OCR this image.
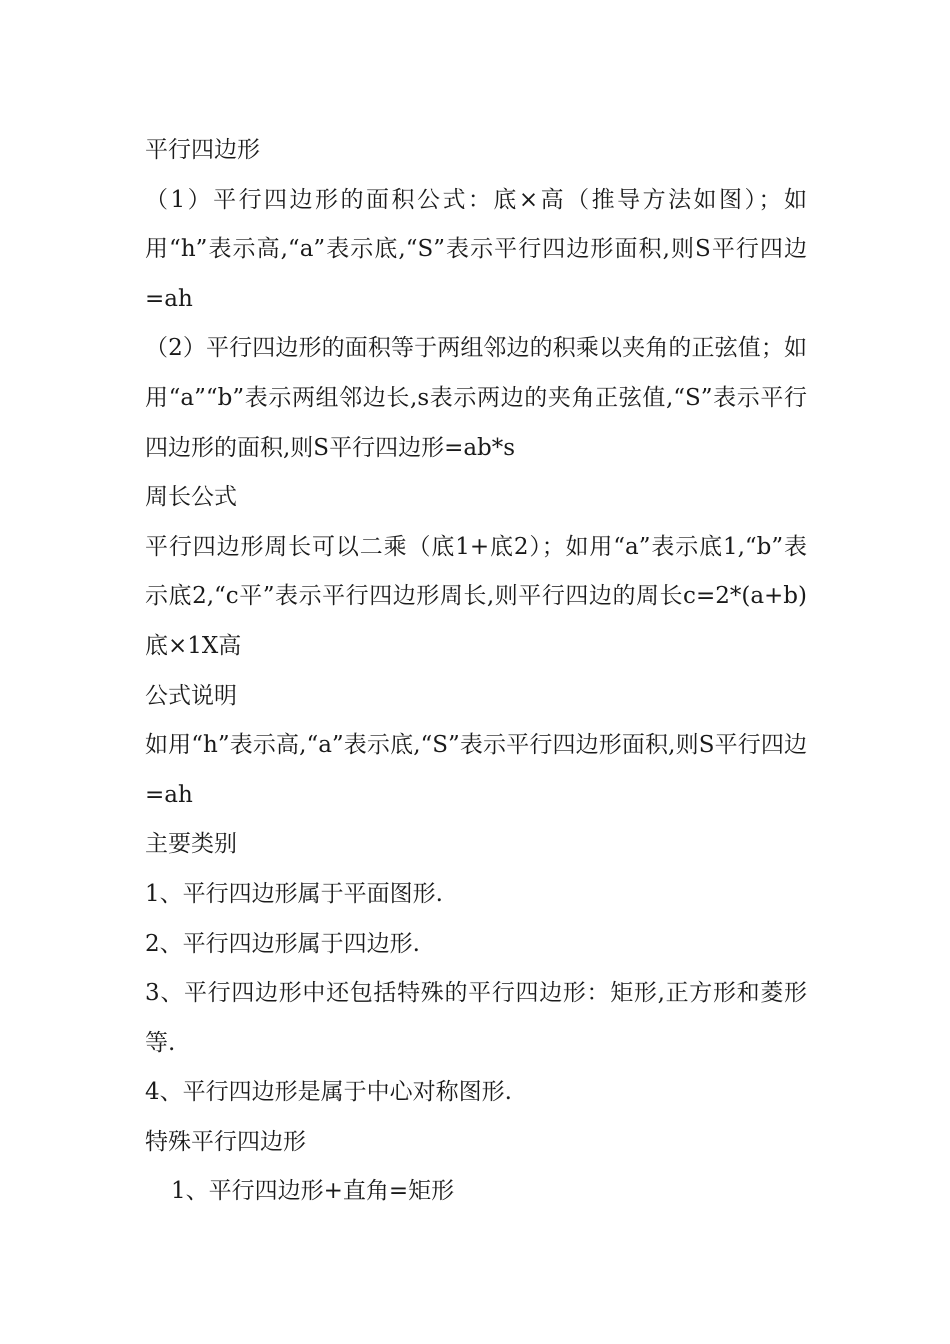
平行四边形

（1）平行四边形的面积公式：底×高（推导方法如图）；如用“h”表示高,“a”表示底,“S”表示平行四边形面积,则S平行四边=ah

（2）平行四边形的面积等于两组邻边的积乘以夹角的正弦值；如用“a”“b”表示两组邻边长,s表示两边的夹角正弦值,“S”表示平行四边形的面积,则S平行四边形=ab*s

周长公式

平行四边形周长可以二乘（底1+底2）；如用“a”表示底1,“b”表示底2,“c平”表示平行四边形周长,则平行四边的周长c=2*(a+b) 底×1X高

公式说明

如用“h”表示高,“a”表示底,“S”表示平行四边形面积,则S平行四边=ah

主要类别

1、平行四边形属于平面图形.

2、平行四边形属于四边形.

3、平行四边形中还包括特殊的平行四边形：矩形,正方形和菱形等.

4、平行四边形是属于中心对称图形.

特殊平行四边形

1、平行四边形+直角=矩形
